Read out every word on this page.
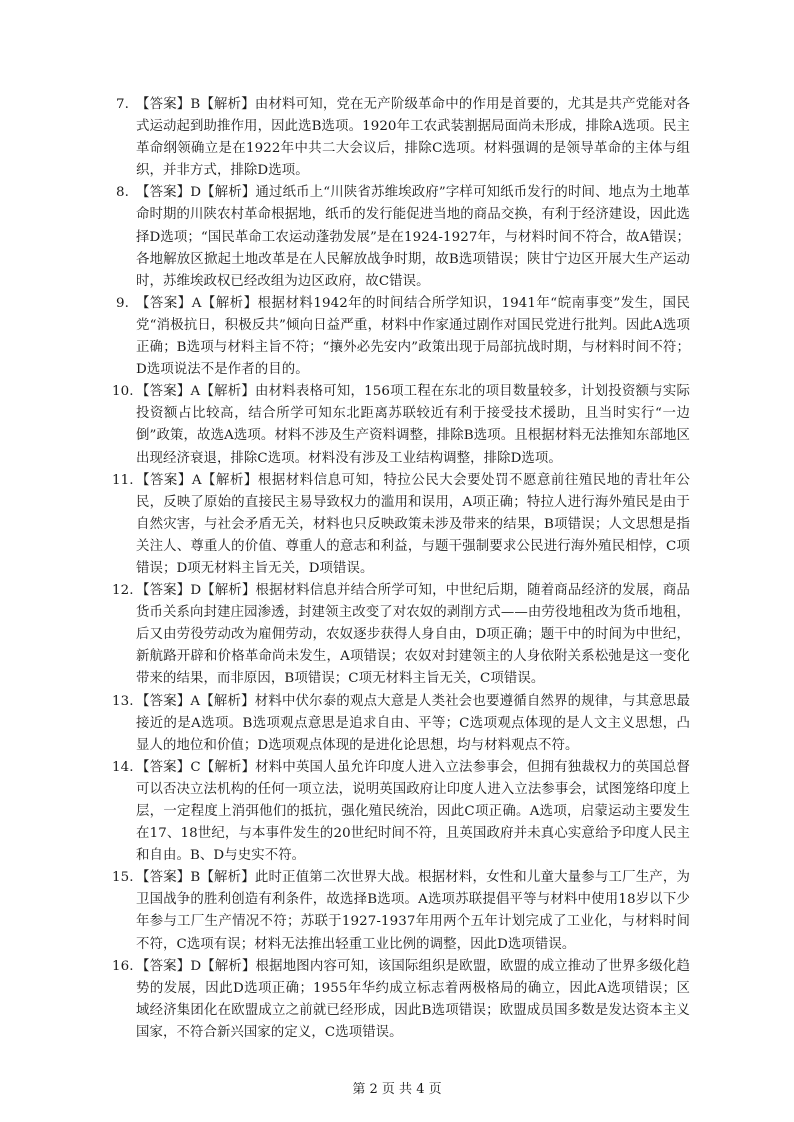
7. 【答案】B【解析】由材料可知，党在无产阶级革命中的作用是首要的，尤其是共产党能对各式运动起到助推作用，因此选B选项。1920年工农武装割据局面尚未形成，排除A选项。民主革命纲领确立是在1922年中共二大会议后，排除C选项。材料强调的是领导革命的主体与组织，并非方式，排除D选项。
8. 【答案】D【解析】通过纸币上“川陕省苏维埃政府”字样可知纸币发行的时间、地点为土地革命时期的川陕农村革命根据地，纸币的发行能促进当地的商品交换，有利于经济建设，因此选择D选项；“国民革命工农运动蓬勃发展”是在1924-1927年，与材料时间不符合，故A错误；各地解放区掀起土地改革是在人民解放战争时期，故B选项错误；陕甘宁边区开展大生产运动时，苏维埃政权已经改组为边区政府，故C错误。
9. 【答案】A【解析】根据材料1942年的时间结合所学知识，1941年“皖南事变”发生，国民党“消极抗日，积极反共”倾向日益严重，材料中作家通过剧作对国民党进行批判。因此A选项正确；B选项与材料主旨不符；“攘外必先安内”政策出现于局部抗战时期，与材料时间不符；D选项说法不是作者的目的。
10. 【答案】A【解析】由材料表格可知，156项工程在东北的项目数量较多，计划投资额与实际投资额占比较高，结合所学可知东北距离苏联较近有利于接受技术援助，且当时实行“一边倒”政策，故选A选项。材料不涉及生产资料调整，排除B选项。且根据材料无法推知东部地区出现经济衰退，排除C选项。材料没有涉及工业结构调整，排除D选项。
11. 【答案】A【解析】根据材料信息可知，特拉公民大会要处罚不愿意前往殖民地的青壮年公民，反映了原始的直接民主易导致权力的滥用和误用，A项正确；特拉人进行海外殖民是由于自然灾害，与社会矛盾无关，材料也只反映政策未涉及带来的结果，B项错误；人文思想是指关注人、尊重人的价值、尊重人的意志和利益，与题干强制要求公民进行海外殖民相悖，C项错误；D项无材料主旨无关，D项错误。
12. 【答案】D【解析】根据材料信息并结合所学可知，中世纪后期，随着商品经济的发展，商品货币关系向封建庄园渗透，封建领主改变了对农奴的剥削方式——由劳役地租改为货币地租，后又由劳役劳动改为雇佣劳动，农奴逐步获得人身自由，D项正确；题干中的时间为中世纪，新航路开辟和价格革命尚未发生，A项错误；农奴对封建领主的人身依附关系松弛是这一变化带来的结果，而非原因，B项错误；C项无材料主旨无关，C项错误。
13. 【答案】A【解析】材料中伏尔泰的观点大意是人类社会也要遵循自然界的规律，与其意思最接近的是A选项。B选项观点意思是追求自由、平等；C选项观点体现的是人文主义思想，凸显人的地位和价值；D选项观点体现的是进化论思想，均与材料观点不符。
14. 【答案】C【解析】材料中英国人虽允许印度人进入立法参事会，但拥有独裁权力的英国总督可以否决立法机构的任何一项立法，说明英国政府让印度人进入立法参事会，试图笼络印度上层，一定程度上消弭他们的抵抗，强化殖民统治，因此C项正确。A选项，启蒙运动主要发生在17、18世纪，与本事件发生的20世纪时间不符，且英国政府并未真心实意给予印度人民主和自由。B、D与史实不符。
15. 【答案】B【解析】此时正值第二次世界大战。根据材料，女性和儿童大量参与工厂生产，为卫国战争的胜利创造有利条件，故选择B选项。A选项苏联提倡平等与材料中使用18岁以下少年参与工厂生产情况不符；苏联于1927-1937年用两个五年计划完成了工业化，与材料时间不符，C选项有误；材料无法推出轻重工业比例的调整，因此D选项错误。
16. 【答案】D【解析】根据地图内容可知，该国际组织是欧盟，欧盟的成立推动了世界多级化趋势的发展，因此D选项正确；1955年华约成立标志着两极格局的确立，因此A选项错误；区域经济集团化在欧盟成立之前就已经形成，因此B选项错误；欧盟成员国多数是发达资本主义国家，不符合新兴国家的定义，C选项错误。
第 2 页 共 4 页
